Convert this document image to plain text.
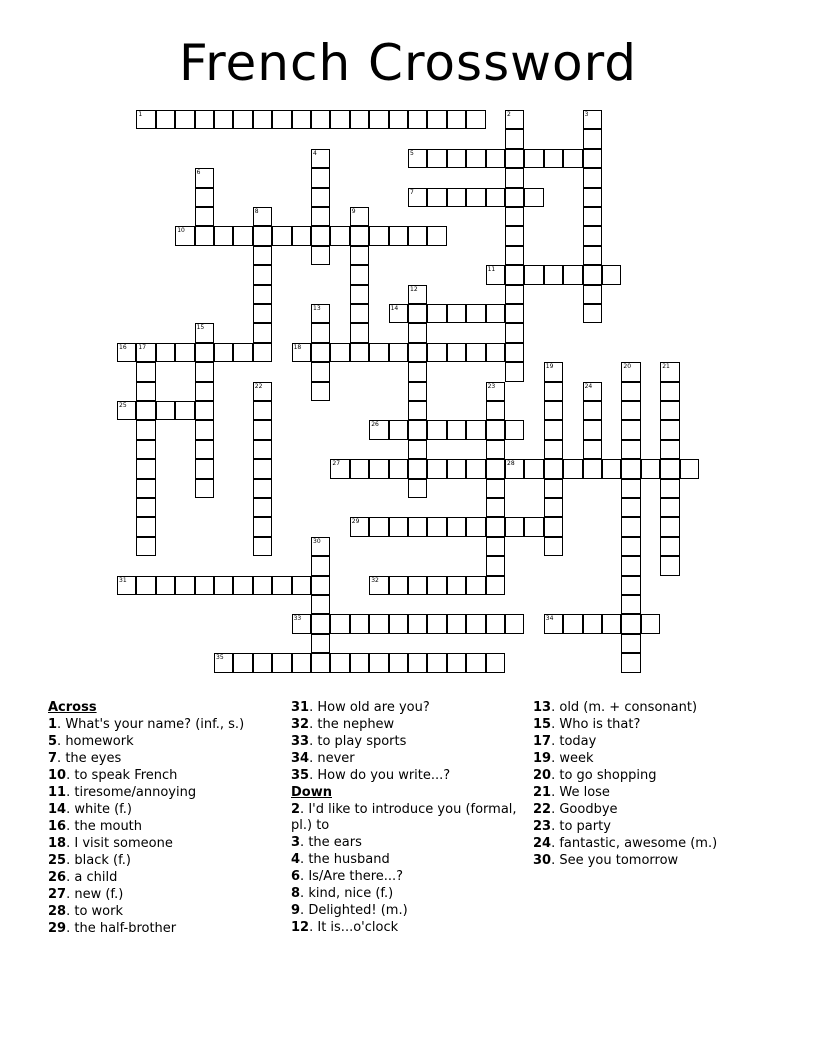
French Crossword
1
5
7
10
11
14
16 17	18
25
26
27	28
29
31	32
33	34
35
2	3
4
6
8	9
12
13
15
19	20	21
22	23	24
30
Across
1. What's your name? (inf., s.)
5. homework
7. the eyes
10. to speak French
11. tiresome/annoying
14. white (f.)
16. the mouth
18. I visit someone
25. black (f.)
26. a child
27. new (f.)
28. to work
29. the half-brother
31. How old are you?
32. the nephew
33. to play sports
34. never
35. How do you write...?
Down
2. I'd like to introduce you (formal, pl.) to
3. the ears
4. the husband
6. Is/Are there...?
8. kind, nice (f.)
9. Delighted! (m.)
12. It is...o'clock
13. old (m. + consonant)
15. Who is that?
17. today
19. week
20. to go shopping
21. We lose
22. Goodbye
23. to party
24. fantastic, awesome (m.)
30. See you tomorrow
